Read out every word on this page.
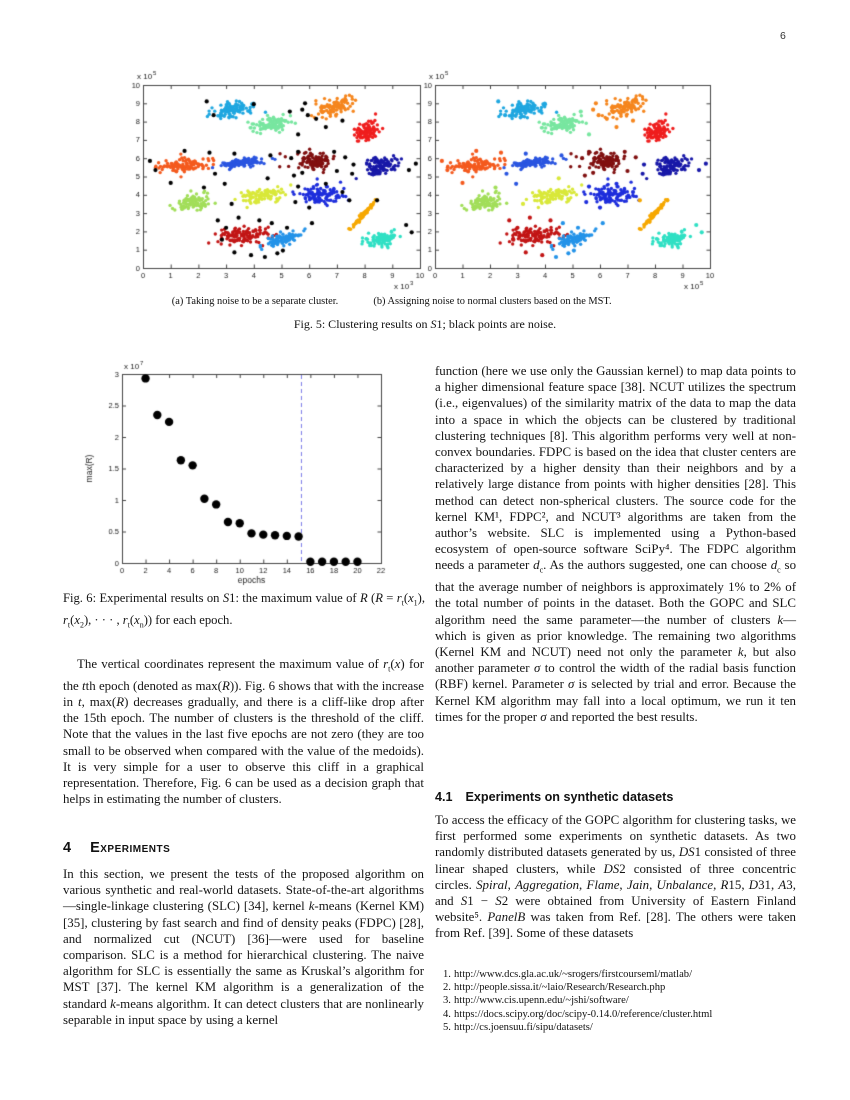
6
(a) Taking noise to be a separate cluster.	(b) Assigning noise to normal clusters based on the MST.
Fig. 5: Clustering results on S1; black points are noise.
Fig. 6: Experimental results on S1: the maximum value of R ($R = r_t(x_1)$, $r_t(x_2)$, · · · , $r_t(x_n)$) for each epoch.
The vertical coordinates represent the maximum value of $r_t(x)$ for the tth epoch (denoted as max(R)). Fig. 6 shows that with the increase in t, max(R) decreases gradually, and there is a cliff-like drop after the 15th epoch. The number of clusters is the threshold of the cliff. Note that the values in the last five epochs are not zero (they are too small to be observed when compared with the value of the medoids). It is very simple for a user to observe this cliff in a graphical representation. Therefore, Fig. 6 can be used as a decision graph that helps in estimating the number of clusters.
4 Experiments
In this section, we present the tests of the proposed algorithm on various synthetic and real-world datasets. State-of-the-art algorithms—single-linkage clustering (SLC) [34], kernel k-means (Kernel KM) [35], clustering by fast search and find of density peaks (FDPC) [28], and normalized cut (NCUT) [36]—were used for baseline comparison. SLC is a method for hierarchical clustering. The naive algorithm for SLC is essentially the same as Kruskal’s algorithm for MST [37]. The kernel KM algorithm is a generalization of the standard k-means algorithm. It can detect clusters that are nonlinearly separable in input space by using a kernel
function (here we use only the Gaussian kernel) to map data points to a higher dimensional feature space [38]. NCUT utilizes the spectrum (i.e., eigenvalues) of the similarity matrix of the data to map the data into a space in which the objects can be clustered by traditional clustering techniques [8]. This algorithm performs very well at non-convex boundaries. FDPC is based on the idea that cluster centers are characterized by a higher density than their neighbors and by a relatively large distance from points with higher densities [28]. This method can detect non-spherical clusters. The source code for the kernel KM¹, FDPC², and NCUT³ algorithms are taken from the author’s website. SLC is implemented using a Python-based ecosystem of open-source software SciPy⁴. The FDPC algorithm needs a parameter $d_c$. As the authors suggested, one can choose $d_c$ so that the average number of neighbors is approximately 1% to 2% of the total number of points in the dataset. Both the GOPC and SLC algorithm need the same parameter—the number of clusters k—which is given as prior knowledge. The remaining two algorithms (Kernel KM and NCUT) need not only the parameter k, but also another parameter σ to control the width of the radial basis function (RBF) kernel. Parameter σ is selected by trial and error. Because the Kernel KM algorithm may fall into a local optimum, we run it ten times for the proper σ and reported the best results.
4.1 Experiments on synthetic datasets
To access the efficacy of the GOPC algorithm for clustering tasks, we first performed some experiments on synthetic datasets. As two randomly distributed datasets generated by us, DS1 consisted of three linear shaped clusters, while DS2 consisted of three concentric circles. Spiral, Aggregation, Flame, Jain, Unbalance, R15, D31, A3, and S1 − S2 were obtained from University of Eastern Finland website⁵. PanelB was taken from Ref. [28]. The others were taken from Ref. [39]. Some of these datasets
1. http://www.dcs.gla.ac.uk/~srogers/firstcourseml/matlab/
2. http://people.sissa.it/~laio/Research/Research.php
3. http://www.cis.upenn.edu/~jshi/software/
4. https://docs.scipy.org/doc/scipy-0.14.0/reference/cluster.html
5. http://cs.joensuu.fi/sipu/datasets/
